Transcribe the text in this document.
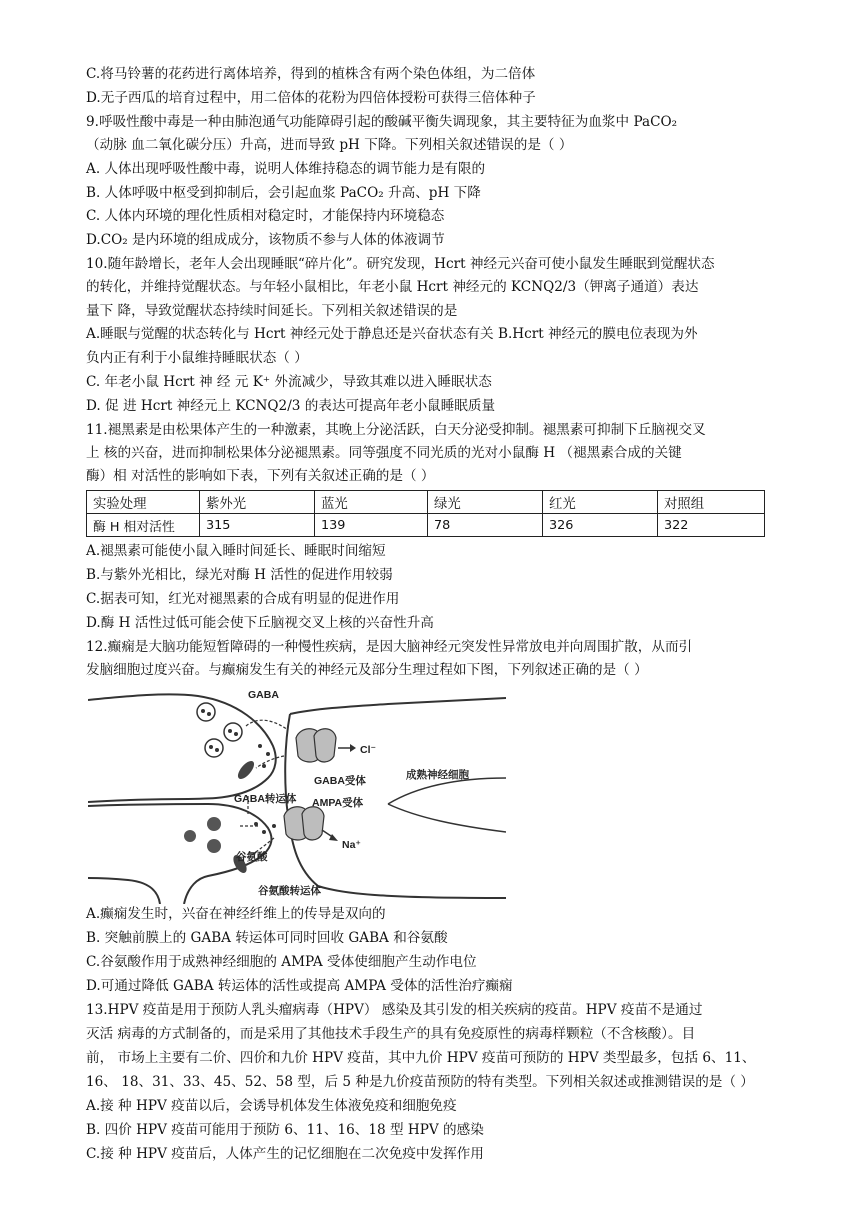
C.将马铃薯的花药进行离体培养，得到的植株含有两个染色体组，为二倍体
D.无子西瓜的培育过程中，用二倍体的花粉为四倍体授粉可获得三倍体种子
9.呼吸性酸中毒是一种由肺泡通气功能障碍引起的酸碱平衡失调现象，其主要特征为血浆中 PaCO₂
（动脉 血二氧化碳分压）升高，进而导致 pH 下降。下列相关叙述错误的是（ ）
A. 人体出现呼吸性酸中毒，说明人体维持稳态的调节能力是有限的
B. 人体呼吸中枢受到抑制后，会引起血浆 PaCO₂ 升高、pH 下降
C. 人体内环境的理化性质相对稳定时，才能保持内环境稳态
D.CO₂ 是内环境的组成成分，该物质不参与人体的体液调节
10.随年龄增长，老年人会出现睡眠“碎片化”。研究发现，Hcrt 神经元兴奋可使小鼠发生睡眠到觉醒状态
的转化，并维持觉醒状态。与年轻小鼠相比，年老小鼠 Hcrt 神经元的 KCNQ2/3（钾离子通道）表达
量下 降，导致觉醒状态持续时间延长。下列相关叙述错误的是
A.睡眠与觉醒的状态转化与 Hcrt 神经元处于静息还是兴奋状态有关 B.Hcrt 神经元的膜电位表现为外
负内正有利于小鼠维持睡眠状态（ ）
C. 年老小鼠 Hcrt 神 经 元 K⁺ 外流减少，导致其难以进入睡眠状态
D. 促 进 Hcrt 神经元上 KCNQ2/3 的表达可提高年老小鼠睡眠质量
11.褪黑素是由松果体产生的一种激素，其晚上分泌活跃，白天分泌受抑制。褪黑素可抑制下丘脑视交叉
上 核的兴奋，进而抑制松果体分泌褪黑素。同等强度不同光质的光对小鼠酶 H （褪黑素合成的关键
酶）相 对活性的影响如下表，下列有关叙述正确的是（ ）
实验处理	紫外光	蓝光	绿光	红光	对照组
酶 H 相对活性	315	139	78	326	322
A.褪黑素可能使小鼠入睡时间延长、睡眠时间缩短
B.与紫外光相比，绿光对酶 H 活性的促进作用较弱
C.据表可知，红光对褪黑素的合成有明显的促进作用
D.酶 H 活性过低可能会使下丘脑视交叉上核的兴奋性升高
12.癫痫是大脑功能短暂障碍的一种慢性疾病，是因大脑神经元突发性异常放电并向周围扩散，从而引
发脑细胞过度兴奋。与癫痫发生有关的神经元及部分生理过程如下图，下列叙述正确的是（ ）
GABA
Cl⁻
GABA受体	成熟神经细胞
GABA转运体 AMPA受体
Na⁺
谷氨酸
谷氨酸转运体
A.癫痫发生时，兴奋在神经纤维上的传导是双向的
B. 突触前膜上的 GABA 转运体可同时回收 GABA 和谷氨酸
C.谷氨酸作用于成熟神经细胞的 AMPA 受体使细胞产生动作电位
D.可通过降低 GABA 转运体的活性或提高 AMPA 受体的活性治疗癫痫
13.HPV 疫苗是用于预防人乳头瘤病毒（HPV） 感染及其引发的相关疾病的疫苗。HPV 疫苗不是通过
灭活 病毒的方式制备的，而是采用了其他技术手段生产的具有免疫原性的病毒样颗粒（不含核酸）。目
前， 市场上主要有二价、四价和九价 HPV 疫苗，其中九价 HPV 疫苗可预防的 HPV 类型最多，包括 6、11、
16、 18、31、33、45、52、58 型，后 5 种是九价疫苗预防的特有类型。下列相关叙述或推测错误的是（ ）
A.接 种 HPV 疫苗以后，会诱导机体发生体液免疫和细胞免疫
B. 四价 HPV 疫苗可能用于预防 6、11、16、18 型 HPV 的感染
C.接 种 HPV 疫苗后，人体产生的记忆细胞在二次免疫中发挥作用
